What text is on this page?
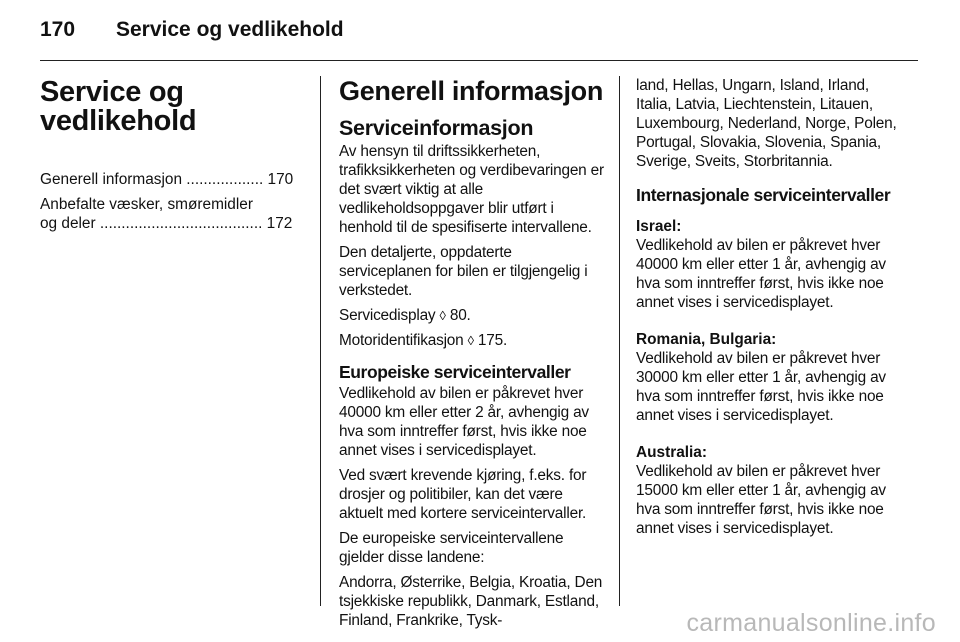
170 Service og vedlikehold
Service og
vedlikehold
Generell informasjon .................. 170
Anbefalte væsker, smøremidler
og deler ...................................... 172
Generell informasjon
Serviceinformasjon

Av hensyn til driftssikkerheten, trafikksikkerheten og verdibevaringen er det svært viktig at alle vedlikeholdsoppgaver blir utført i henhold til de spesifiserte intervallene.

Den detaljerte, oppdaterte serviceplanen for bilen er tilgjengelig i verkstedet.

Servicedisplay ◊ 80.

Motoridentifikasjon ◊ 175.

Europeiske serviceintervaller

Vedlikehold av bilen er påkrevet hver 40000 km eller etter 2 år, avhengig av hva som inntreffer først, hvis ikke noe annet vises i servicedisplayet.

Ved svært krevende kjøring, f.eks. for drosjer og politibiler, kan det være aktuelt med kortere serviceintervaller.

De europeiske serviceintervallene gjelder disse landene:

Andorra, Østerrike, Belgia, Kroatia, Den tsjekkiske republikk, Danmark, Estland, Finland, Frankrike, Tysk-

land, Hellas, Ungarn, Island, Irland, Italia, Latvia, Liechtenstein, Litauen, Luxembourg, Nederland, Norge, Polen, Portugal, Slovakia, Slovenia, Spania, Sverige, Sveits, Storbritannia.

Internasjonale serviceintervaller
Israel:

Vedlikehold av bilen er påkrevet hver 40000 km eller etter 1 år, avhengig av hva som inntreffer først, hvis ikke noe annet vises i servicedisplayet.

Romania, Bulgaria:

Vedlikehold av bilen er påkrevet hver 30000 km eller etter 1 år, avhengig av hva som inntreffer først, hvis ikke noe annet vises i servicedisplayet.

Australia:

Vedlikehold av bilen er påkrevet hver 15000 km eller etter 1 år, avhengig av hva som inntreffer først, hvis ikke noe annet vises i servicedisplayet.

carmanualsonline.info
